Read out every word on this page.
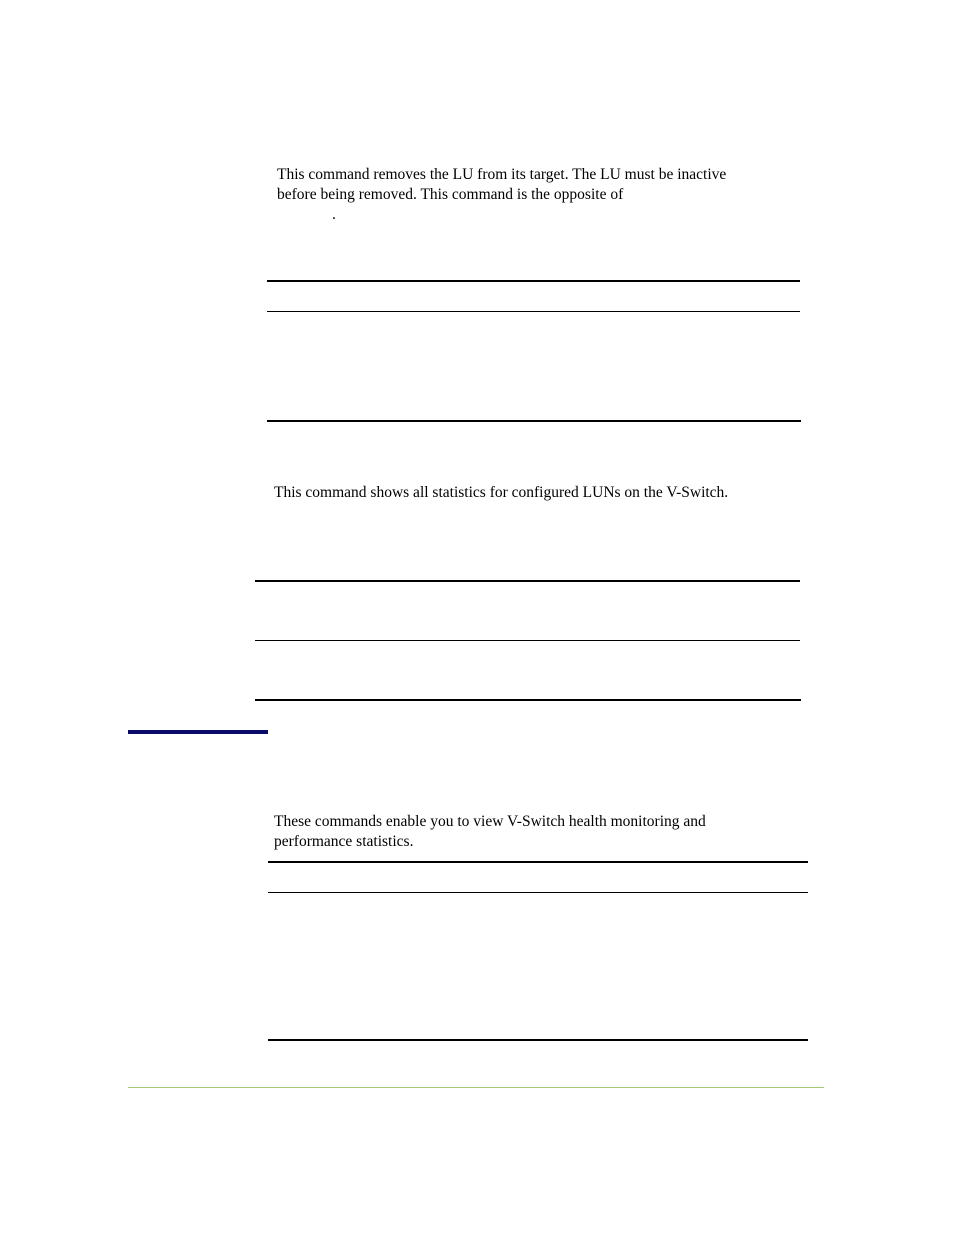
This command removes the LU from its target. The LU must be inactive

before being removed. This command is the opposite of

.

This command shows all statistics for configured LUNs on the V-Switch.

These commands enable you to view V-Switch health monitoring and

performance statistics.
